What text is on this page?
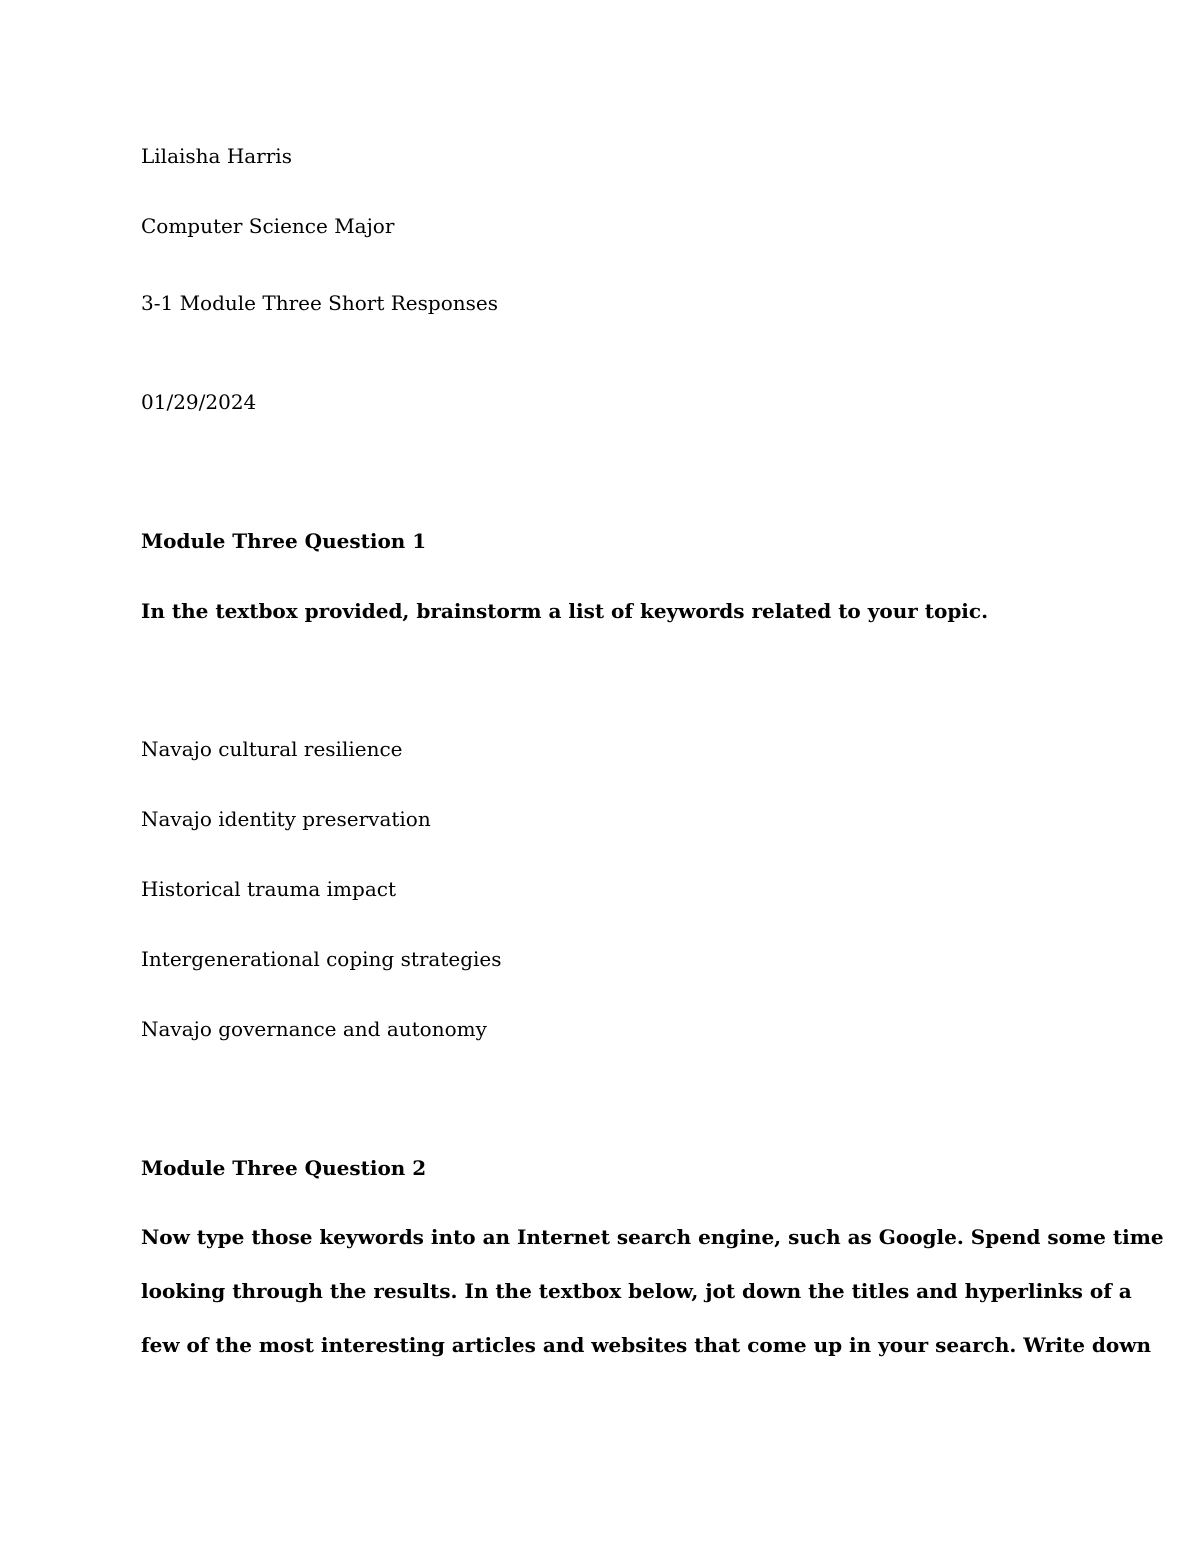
Lilaisha Harris

Computer Science Major

3-1 Module Three Short Responses

01/29/2024

Module Three Question 1

In the textbox provided, brainstorm a list of keywords related to your topic.

Navajo cultural resilience

Navajo identity preservation

Historical trauma impact

Intergenerational coping strategies

Navajo governance and autonomy

Module Three Question 2

Now type those keywords into an Internet search engine, such as Google. Spend some time

looking through the results. In the textbox below, jot down the titles and hyperlinks of a

few of the most interesting articles and websites that come up in your search. Write down
